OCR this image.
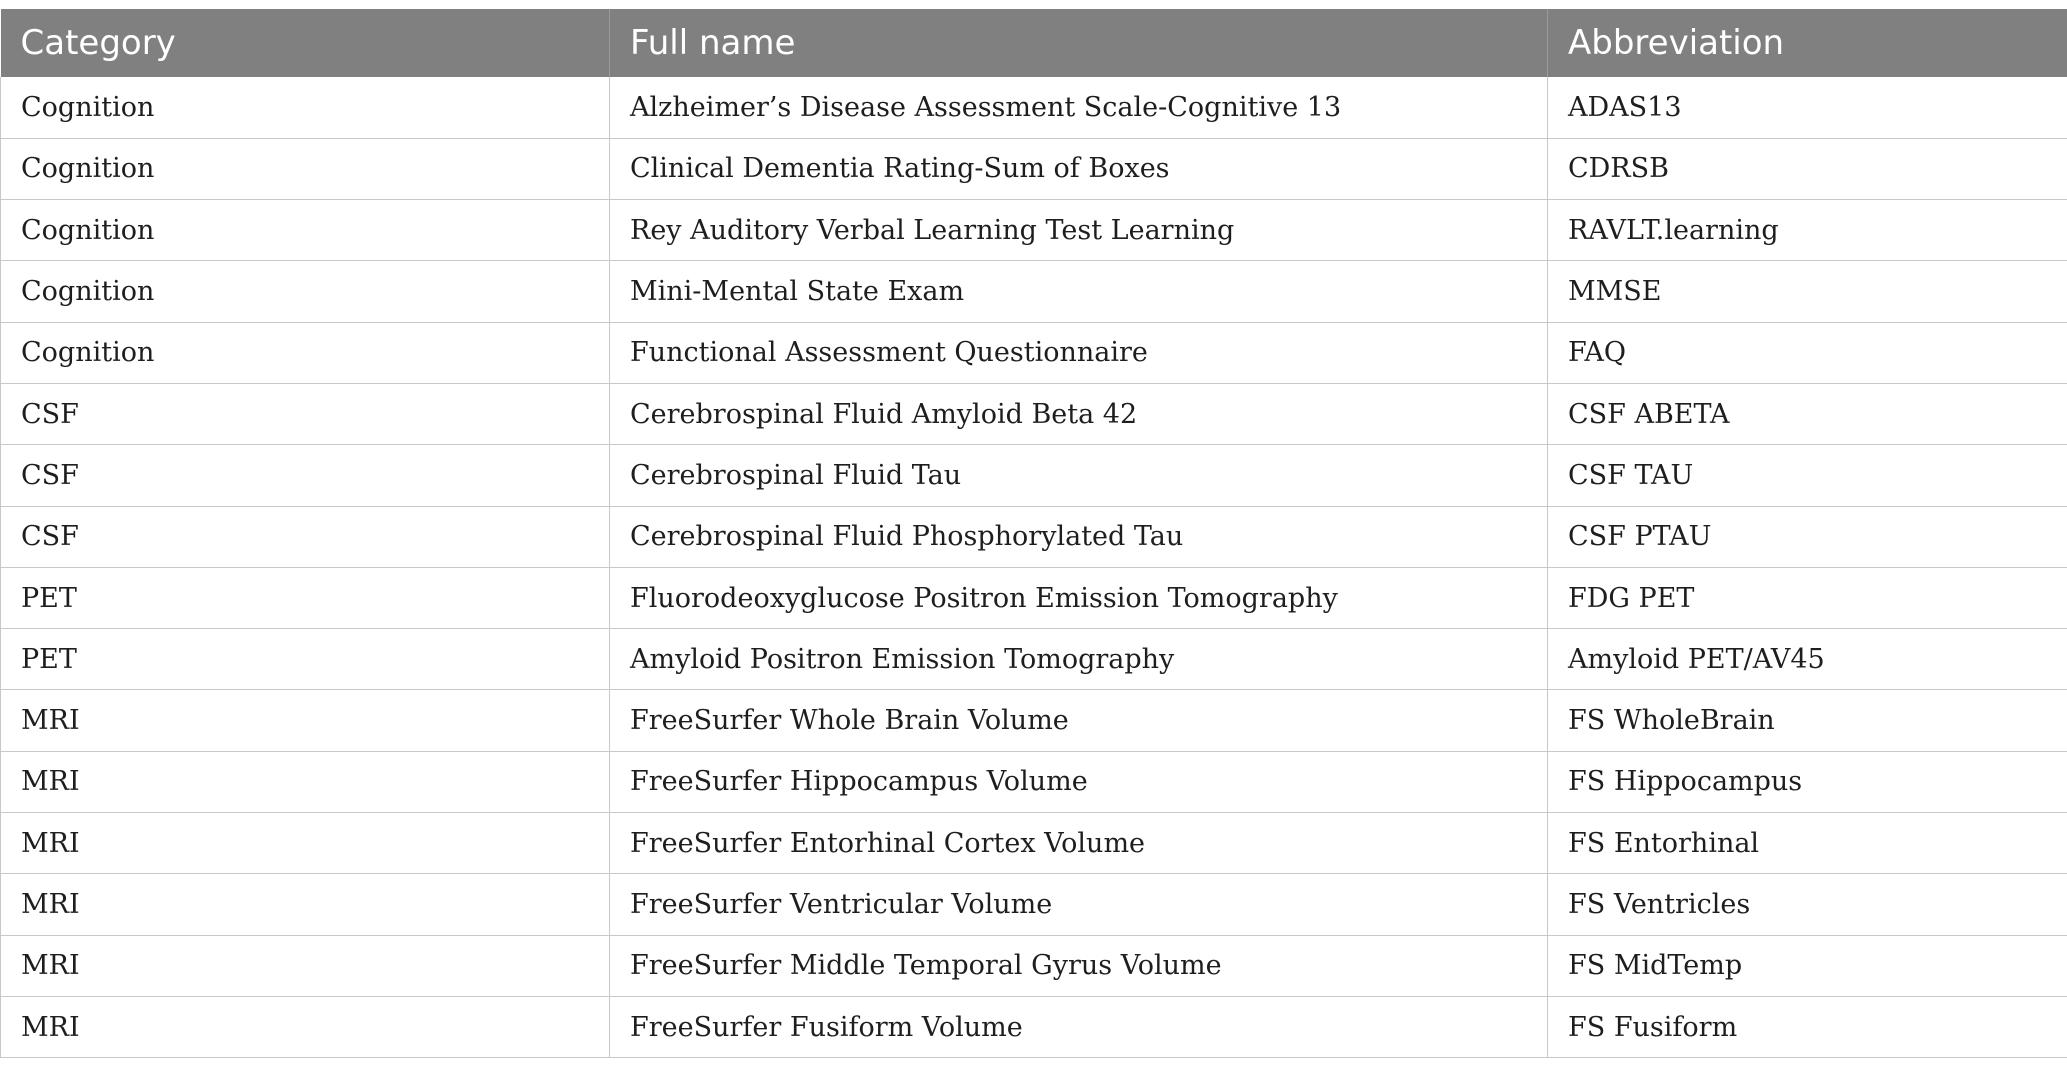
Category	Full name	Abbreviation
Cognition	Alzheimer’s Disease Assessment Scale-Cognitive 13	ADAS13
Cognition	Clinical Dementia Rating-Sum of Boxes	CDRSB
Cognition	Rey Auditory Verbal Learning Test Learning	RAVLT.learning
Cognition	Mini-Mental State Exam	MMSE
Cognition	Functional Assessment Questionnaire	FAQ
CSF	Cerebrospinal Fluid Amyloid Beta 42	CSF ABETA
CSF	Cerebrospinal Fluid Tau	CSF TAU
CSF	Cerebrospinal Fluid Phosphorylated Tau	CSF PTAU
PET	Fluorodeoxyglucose Positron Emission Tomography	FDG PET
PET	Amyloid Positron Emission Tomography	Amyloid PET/AV45
MRI	FreeSurfer Whole Brain Volume	FS WholeBrain
MRI	FreeSurfer Hippocampus Volume	FS Hippocampus
MRI	FreeSurfer Entorhinal Cortex Volume	FS Entorhinal
MRI	FreeSurfer Ventricular Volume	FS Ventricles
MRI	FreeSurfer Middle Temporal Gyrus Volume	FS MidTemp
MRI	FreeSurfer Fusiform Volume	FS Fusiform
